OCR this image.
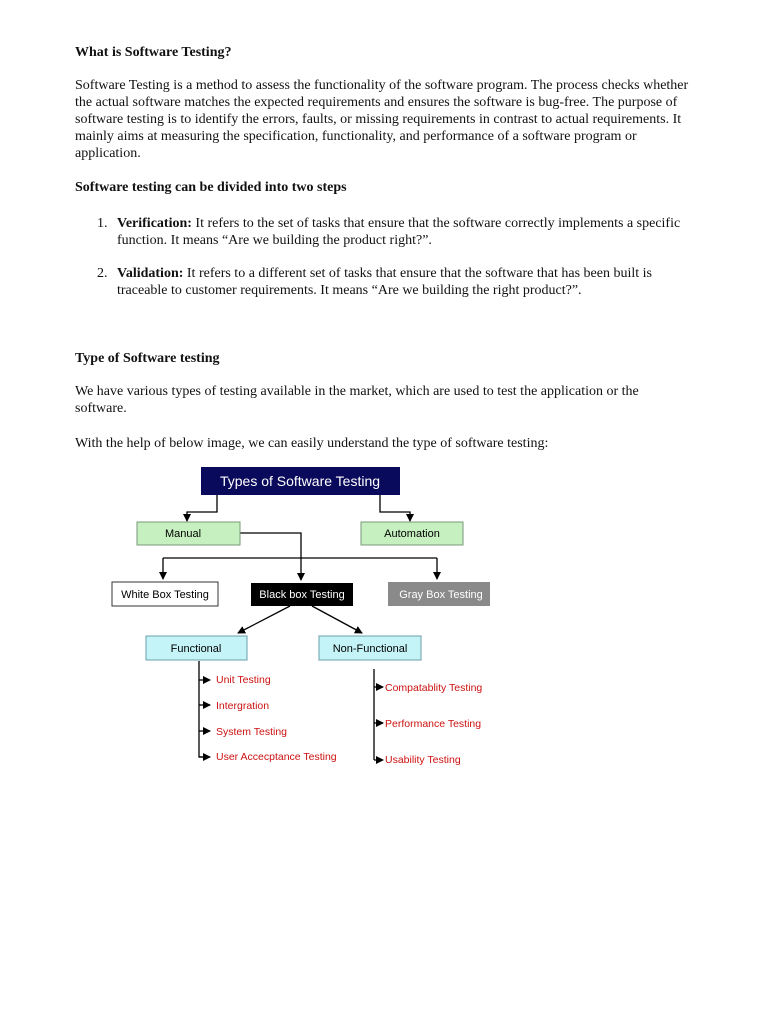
What is Software Testing?
Software Testing is a method to assess the functionality of the software program. The process checks whether the actual software matches the expected requirements and ensures the software is bug-free. The purpose of software testing is to identify the errors, faults, or missing requirements in contrast to actual requirements. It mainly aims at measuring the specification, functionality, and performance of a software program or application.
Software testing can be divided into two steps
1. Verification: It refers to the set of tasks that ensure that the software correctly implements a specific function. It means “Are we building the product right?”.
2. Validation: It refers to a different set of tasks that ensure that the software that has been built is traceable to customer requirements. It means “Are we building the right product?”.
Type of Software testing
We have various types of testing available in the market, which are used to test the application or the software.
With the help of below image, we can easily understand the type of software testing:
Types of Software Testing
Manual	Automation
White Box Testing	Black box Testing	Gray Box Testing
Functional	Non-Functional
Unit Testing
Intergration
System Testing
User Accecptance Testing
Compatablity Testing
Performance Testing
Usability Testing
